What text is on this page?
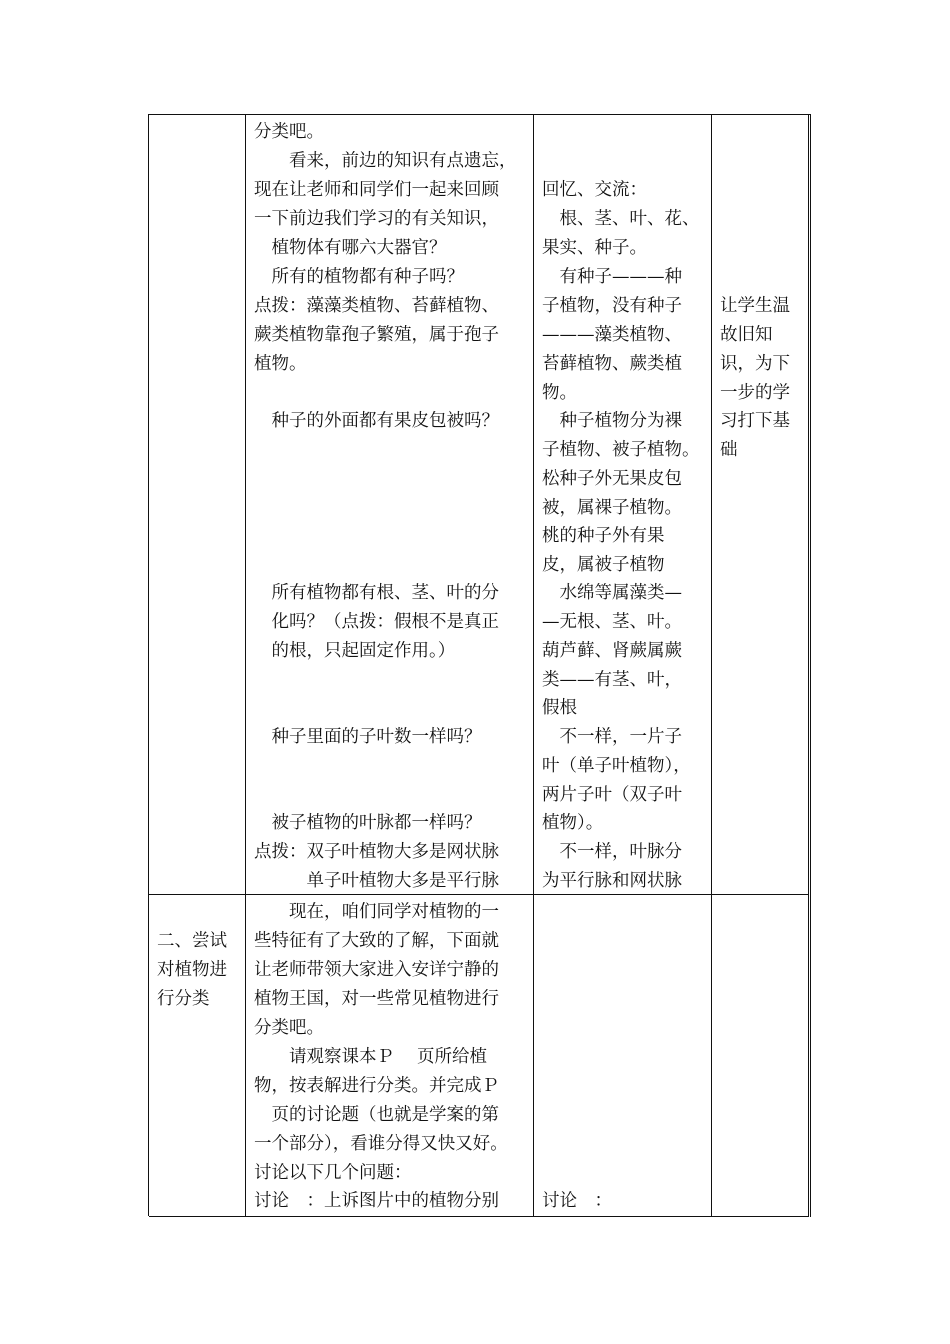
分类吧。
　　看来，前边的知识有点遗忘，
现在让老师和同学们一起来回顾
一下前边我们学习的有关知识，
　植物体有哪六大器官？
　所有的植物都有种子吗？
点拨：藻藻类植物、苔藓植物、
蕨类植物靠孢子繁殖，属于孢子
植物。
　种子的外面都有果皮包被吗？
　所有植物都有根、茎、叶的分
　化吗？（点拨：假根不是真正
　的根，只起固定作用。）
　种子里面的子叶数一样吗？
　被子植物的叶脉都一样吗？
点拨：双子叶植物大多是网状脉
　　　单子叶植物大多是平行脉
回忆、交流：
　根、茎、叶、花、
果实、种子。
　有种子———种
子植物，没有种子
———藻类植物、
苔藓植物、蕨类植
物。
　种子植物分为裸
子植物、被子植物。
松种子外无果皮包
被，属裸子植物。
桃的种子外有果
皮，属被子植物
　水绵等属藻类—
—无根、茎、叶。
葫芦藓、肾蕨属蕨
类——有茎、叶，
假根
　不一样，一片子
叶（单子叶植物），
两片子叶（双子叶
植物）。
　不一样，叶脉分
为平行脉和网状脉
让学生温
故旧知
识，为下
一步的学
习打下基
础
二、尝试
对植物进
行分类
　　现在，咱们同学对植物的一
些特征有了大致的了解，下面就
让老师带领大家进入安详宁静的
植物王国，对一些常见植物进行
分类吧。
　　请观察课本Ｐ　 页所给植
物，按表解进行分类。并完成Ｐ
　页的讨论题（也就是学案的第
一个部分），看谁分得又快又好。
讨论以下几个问题：
讨论　：上诉图片中的植物分别 讨论　：
